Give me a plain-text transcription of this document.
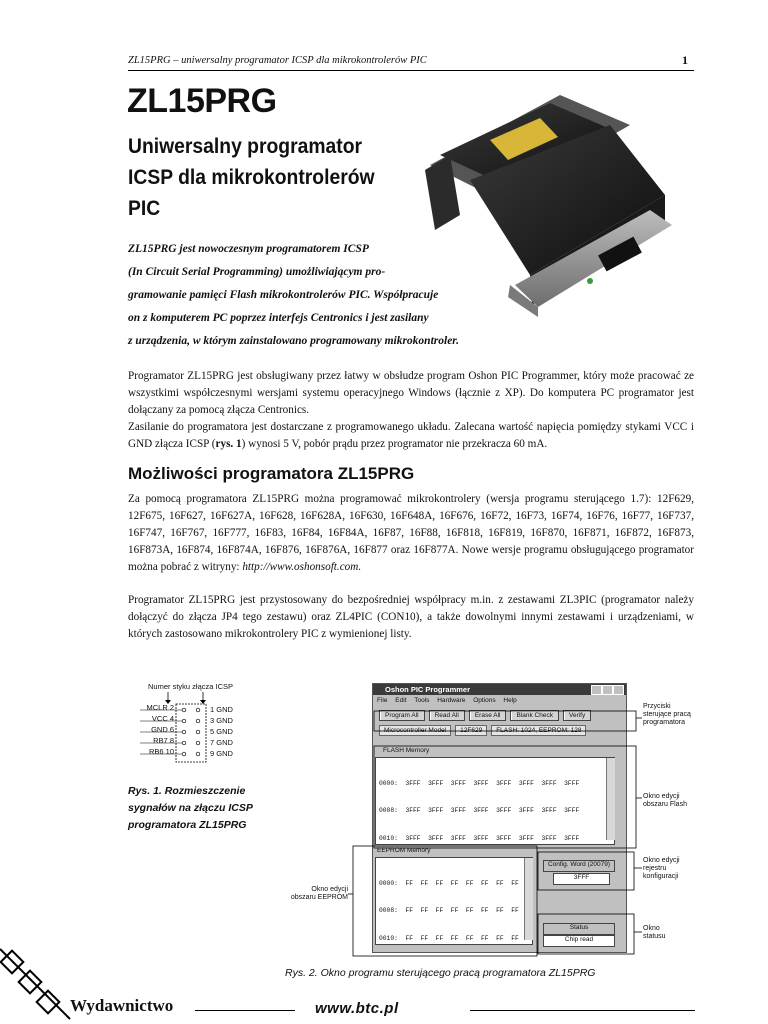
ZL15PRG – uniwersalny programator ICSP dla mikrokontrolerów PIC	1
ZL15PRG
Uniwersalny programator ICSP dla mikrokontrolerów PIC
ZL15PRG jest nowoczesnym programatorem ICSP
(In Circuit Serial Programming) umożliwiającym pro-
gramowanie pamięci Flash mikrokontrolerów PIC. Współpracuje
on z komputerem PC poprzez interfejs Centronics i jest zasilany
z urządzenia, w którym zainstalowano programowany mikrokontroler.
Programator ZL15PRG jest obsługiwany przez łatwy w obsłudze program Oshon PIC Programmer, który może pracować ze wszystkimi współczesnymi wersjami systemu operacyjnego Windows (łącznie z XP). Do komputera PC programator jest dołączany za pomocą złącza Centronics.
Zasilanie do programatora jest dostarczane z programowanego układu. Zalecana wartość napięcia pomiędzy stykami VCC i GND złącza ICSP (rys. 1) wynosi 5 V, pobór prądu przez programator nie przekracza 60 mA.
Możliwości programatora ZL15PRG
Za pomocą programatora ZL15PRG można programować mikrokontrolery (wersja programu sterującego 1.7): 12F629, 12F675, 16F627, 16F627A, 16F628, 16F628A, 16F630, 16F648A, 16F676, 16F72, 16F73, 16F74, 16F76, 16F77, 16F737, 16F747, 16F767, 16F777, 16F83, 16F84, 16F84A, 16F87, 16F88, 16F818, 16F819, 16F870, 16F871, 16F872, 16F873, 16F873A, 16F874, 16F874A, 16F876, 16F876A, 16F877 oraz 16F877A. Nowe wersje programu obsługującego programator można pobrać z witryny: http://www.oshonsoft.com.
Programator ZL15PRG jest przystosowany do bezpośredniej współpracy m.in. z zestawami ZL3PIC (programator należy dołączyć do złącza JP4 tego zestawu) oraz ZL4PIC (CON10), a także dowolnymi innymi zestawami i urządzeniami, w których zastosowano mikrokontrolery PIC z wymienionej listy.
Numer styku złącza ICSP
MCLR 2
VCC 4
GND 6
RB7 8
RB6 10
1 GND
3 GND
5 GND
7 GND
9 GND
Rys. 1. Rozmieszczenie sygnałów na złączu ICSP programatora ZL15PRG
Oshon PIC Programmer
File Edit Tools Hardware Options Help
Program All	Read All	Erase All	Blank Check	Verify
Microcontroller Model	12F629	FLASH: 1024, EEPROM: 128
FLASH Memory

0000:  3FFF  3FFF  3FFF  3FFF  3FFF  3FFF  3FFF  3FFF

0008:  3FFF  3FFF  3FFF  3FFF  3FFF  3FFF  3FFF  3FFF

0010:  3FFF  3FFF  3FFF  3FFF  3FFF  3FFF  3FFF  3FFF

EEPROM Memory

0000:  FF  FF  FF  FF  FF  FF  FF  FF

0008:  FF  FF  FF  FF  FF  FF  FF  FF

0010:  FF  FF  FF  FF  FF  FF  FF  FF

Config. Word (20079)
3FFF
Status
Chip read
Przyciski sterujące pracą programatora
Okno edycji obszaru Flash
Okno edycji rejestru konfiguracji
Okno statusu
Okno edycji obszaru EEPROM
Rys. 2. Okno programu sterującego pracą programatora ZL15PRG
Wydawnictwo	www.btc.pl
